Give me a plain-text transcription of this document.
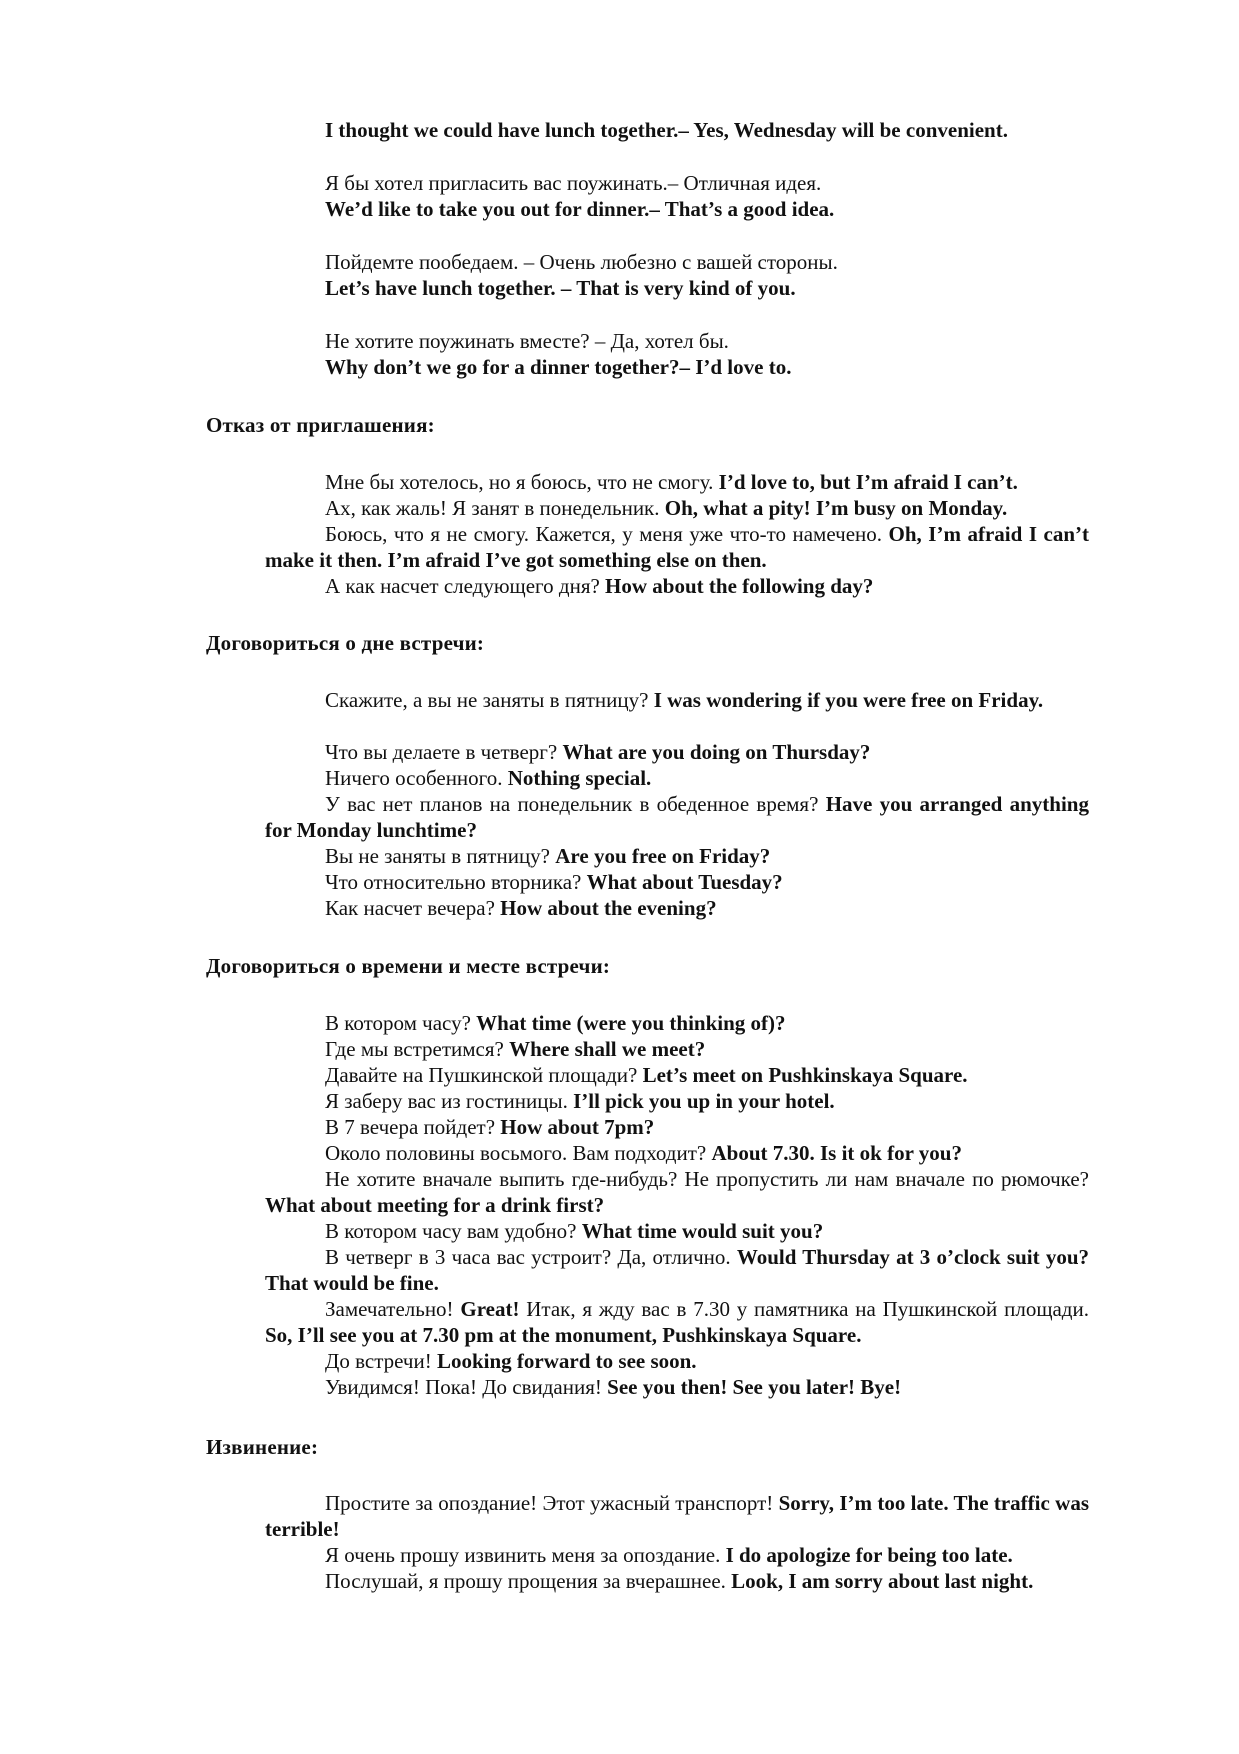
I thought we could have lunch together.– Yes, Wednesday will be convenient.
Я бы хотел пригласить вас поужинать.– Отличная идея.
We’d like to take you out for dinner.– That’s a good idea.
Пойдемте пообедаем. – Очень любезно с вашей стороны.
Let’s have lunch together. – That is very kind of you.
Не хотите поужинать вместе? – Да, хотел бы.
Why don’t we go for a dinner together?– I’d love to.
Отказ от приглашения:
Мне бы хотелось, но я боюсь, что не смогу. I’d love to, but I’m afraid I can’t.
Ах, как жаль! Я занят в понедельник. Oh, what a pity! I’m busy on Monday.
Боюсь, что я не смогу. Кажется, у меня уже что-то намечено. Oh, I’m afraid I can’t make it then. I’m afraid I’ve got something else on then.
А как насчет следующего дня? How about the following day?
Договориться о дне встречи:
Скажите, а вы не заняты в пятницу? I was wondering if you were free on Friday.
Что вы делаете в четверг? What are you doing on Thursday?
Ничего особенного. Nothing special.
У вас нет планов на понедельник в обеденное время? Have you arranged anything for Monday lunchtime?
Вы не заняты в пятницу? Are you free on Friday?
Что относительно вторника? What about Tuesday?
Как насчет вечера? How about the evening?
Договориться о времени и месте встречи:
В котором часу? What time (were you thinking of)?
Где мы встретимся? Where shall we meet?
Давайте на Пушкинской площади? Let’s meet on Pushkinskaya Square.
Я заберу вас из гостиницы. I’ll pick you up in your hotel.
В 7 вечера пойдет? How about 7pm?
Около половины восьмого. Вам подходит? About 7.30. Is it ok for you?
Не хотите вначале выпить где-нибудь? Не пропустить ли нам вначале по рюмочке? What about meeting for a drink first?
В котором часу вам удобно? What time would suit you?
В четверг в 3 часа вас устроит? Да, отлично. Would Thursday at 3 o’clock suit you? That would be fine.
Замечательно! Great! Итак, я жду вас в 7.30 у памятника на Пушкинской площади. So, I’ll see you at 7.30 pm at the monument, Pushkinskaya Square.
До встречи! Looking forward to see soon.
Увидимся! Пока! До свидания! See you then! See you later! Bye!
Извинение:
Простите за опоздание! Этот ужасный транспорт! Sorry, I’m too late. The traffic was terrible!
Я очень прошу извинить меня за опоздание. I do apologize for being too late.
Послушай, я прошу прощения за вчерашнее. Look, I am sorry about last night.
